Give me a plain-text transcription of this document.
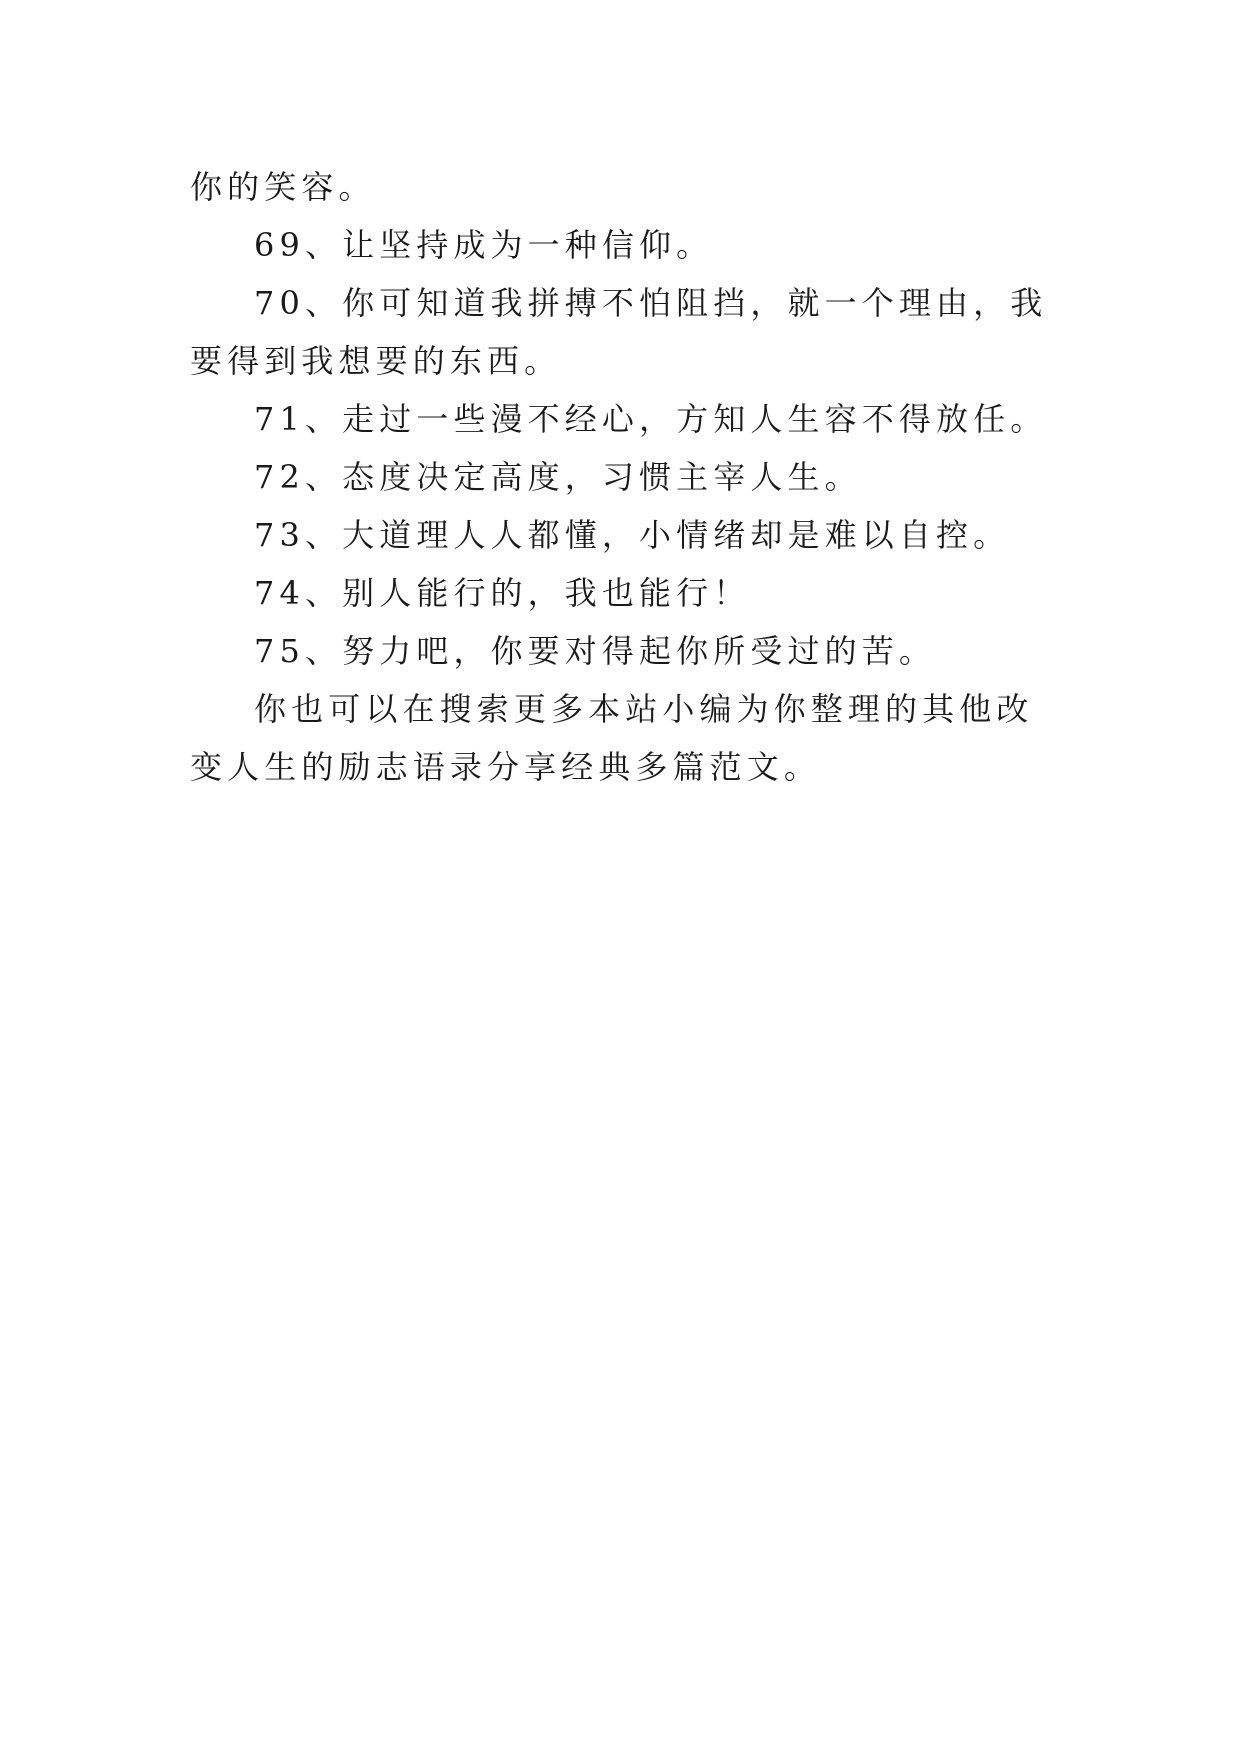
你的笑容。

69、让坚持成为一种信仰。

70、你可知道我拼搏不怕阻挡，就一个理由，我要得到我想要的东西。

71、走过一些漫不经心，方知人生容不得放任。

72、态度决定高度，习惯主宰人生。

73、大道理人人都懂，小情绪却是难以自控。

74、别人能行的，我也能行！

75、努力吧，你要对得起你所受过的苦。

你也可以在搜索更多本站小编为你整理的其他改变人生的励志语录分享经典多篇范文。
